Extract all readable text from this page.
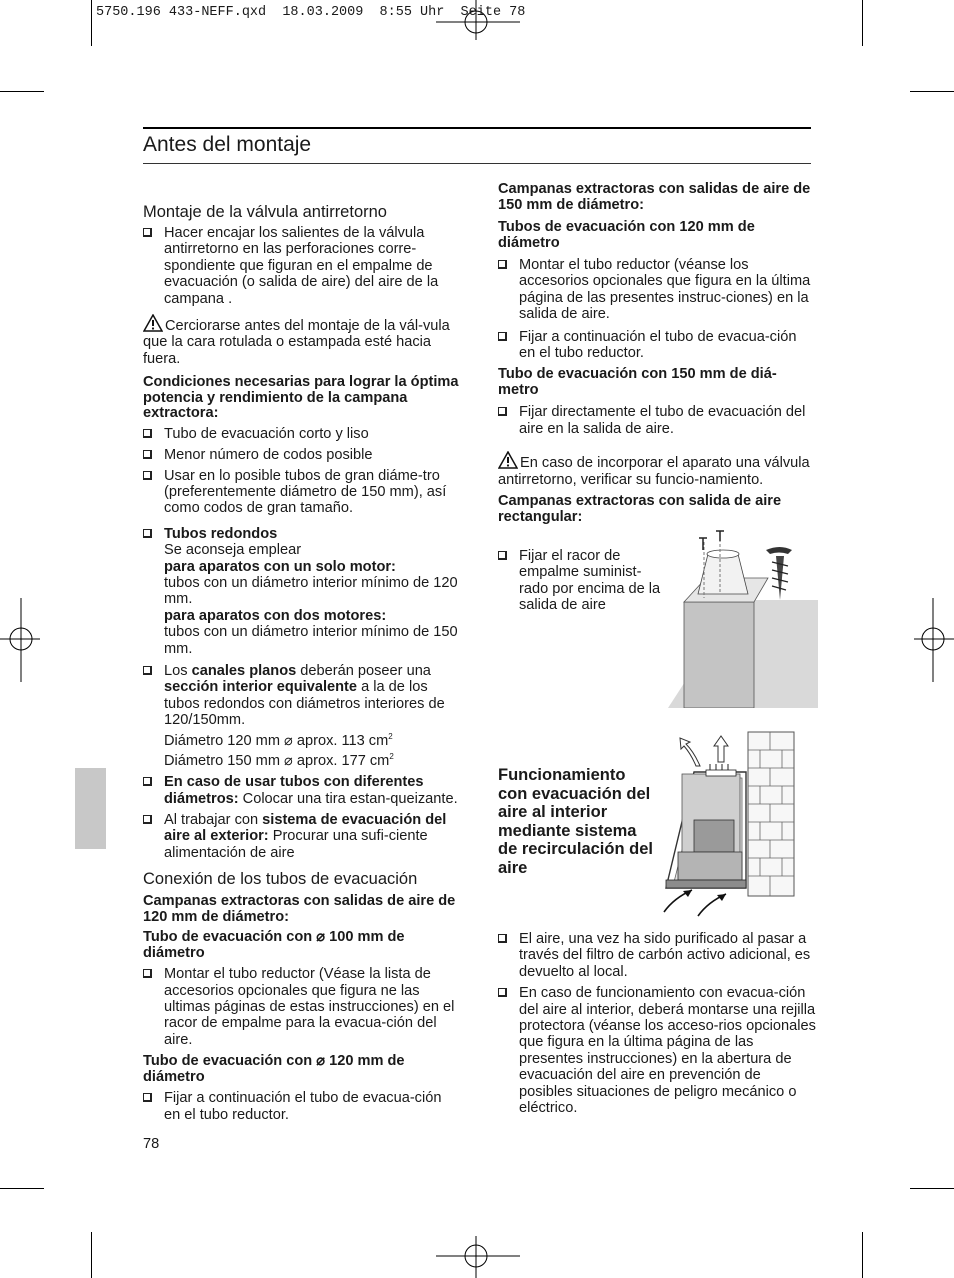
5750.196 433-NEFF.qxd  18.03.2009  8:55 Uhr  Seite 78
Antes del montaje

Montaje de la válvula antirretorno

Hacer encajar los salientes de la válvula antirretorno en las perforaciones corre-spondiente que figuran en el empalme de evacuación (o salida de aire) del aire de la campana .

Cerciorarse antes del montaje de la vál-vula que la cara rotulada o estampada esté hacia fuera.

Condiciones necesarias para lograr la óptima potencia y rendimiento de la campana extractora:

Tubo de evacuación corto y liso
Menor número de codos posible
Usar en lo posible tubos de gran diáme-tro (preferentemente diámetro de 150 mm), así como codos de gran tamaño.
Tubos redondos
Se aconseja emplear
para aparatos con un solo motor:
tubos con un diámetro interior mínimo de 120 mm.
para aparatos con dos motores:
tubos con un diámetro interior mínimo de 150 mm.
Los canales planos deberán poseer una sección interior equivalente a la de los tubos redondos con diámetros interiores de 120/150mm.
Diámetro 120 mm ⌀ aprox. 113 $cm^2$
Diámetro 150 mm ⌀ aprox. 177 $cm^2$
En caso de usar tubos con diferentes diámetros: Colocar una tira estan-queizante.
Al trabajar con sistema de evacuación del aire al exterior: Procurar una sufi-ciente alimentación de aire

Conexión de los tubos de evacuación

Campanas extractoras con salidas de aire de 120 mm de diámetro:

Tubo de evacuación con ⌀ 100 mm de diámetro

Montar el tubo reductor (Véase la lista de accesorios opcionales que figura ne las ultimas páginas de estas instrucciones) en el racor de empalme para la evacua-ción del aire.

Tubo de evacuación con ⌀ 120 mm de diámetro

Fijar a continuación el tubo de evacua-ción en el tubo reductor.
78

Campanas extractoras con salidas de aire de 150 mm de diámetro:

Tubos de evacuación con 120 mm de diámetro

Montar el tubo reductor (véanse los accesorios opcionales que figura en la última página de las presentes instruc-ciones) en la salida de aire.
Fijar a continuación el tubo de evacua-ción en el tubo reductor.

Tubo de evacuación con 150 mm de diá-metro

Fijar directamente el tubo de evacuación del aire en la salida de aire.

En caso de incorporar el aparato una válvula antirretorno, verificar su funcio-namiento.

Campanas extractoras con salida de aire rectangular:

Fijar el racor de empalme suminist-rado por encima de la salida de aire

Funcionamiento con evacuación del aire al interior mediante sistema de recirculación del aire

El aire, una vez ha sido purificado al pasar a través del filtro de carbón activo adicional, es devuelto al local.
En caso de funcionamiento con evacua-ción del aire al interior, deberá montarse una rejilla protectora (véanse los acceso-rios opcionales que figura en la última página de las presentes instrucciones) en la abertura de evacuación del aire en prevención de posibles situaciones de peligro mecánico o eléctrico.
